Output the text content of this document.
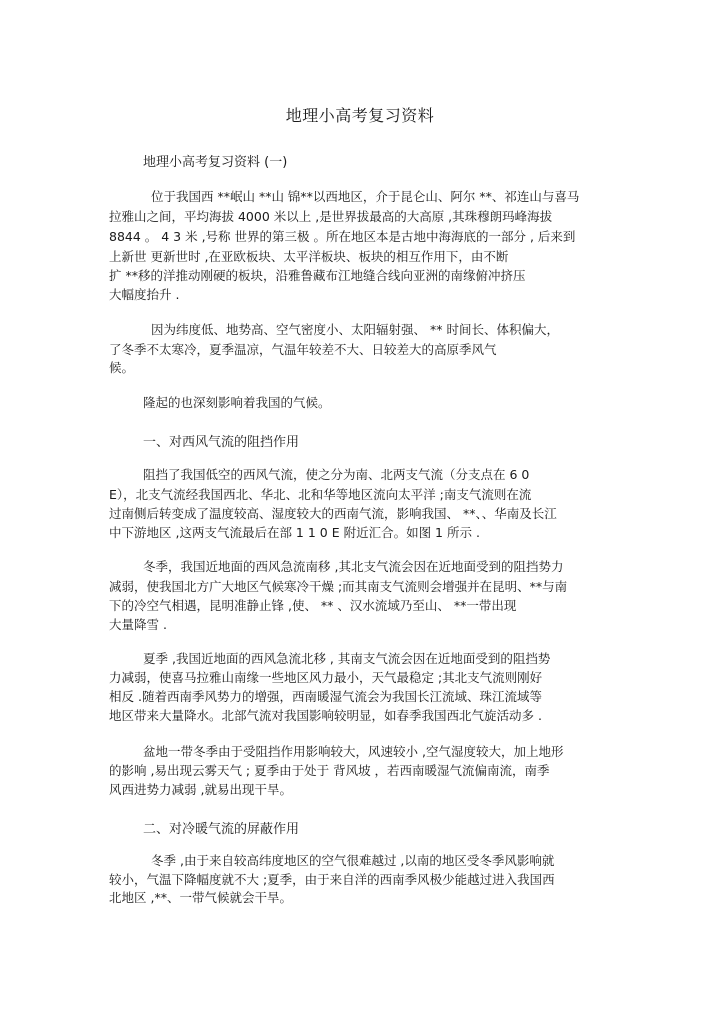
地理小高考复习资料
地理小高考复习资料 (一)
位于我国西 **岷山 **山 锦**以西地区，介于昆仑山、阿尔 **、祁连山与喜马
拉雅山之间，平均海拔 4000 米以上 ,是世界拔最高的大高原 ,其珠穆朗玛峰海拔
8844 。 4 3 米 ,号称 世界的第三极 。所在地区本是古地中海海底的一部分 , 后来到
上新世 更新世时 ,在亚欧板块、太平洋板块、板块的相互作用下，由不断
扩 **移的洋推动刚硬的板块，沿雅鲁藏布江地缝合线向亚洲的南缘俯冲挤压
大幅度抬升 .
因为纬度低、地势高、空气密度小、太阳辐射强、 ** 时间长、体积偏大，
了冬季不太寒冷，夏季温凉，气温年较差不大、日较差大的高原季风气
候。
隆起的也深刻影响着我国的气候。
一、对西风气流的阻挡作用
阻挡了我国低空的西风气流，使之分为南、北两支气流（分支点在 6 0
E），北支气流经我国西北、华北、北和华等地区流向太平洋 ;南支气流则在流
过南侧后转变成了温度较高、湿度较大的西南气流，影响我国、 **、、华南及长江
中下游地区 ,这两支气流最后在部 1 1 0 E 附近汇合。如图 1 所示 .
冬季，我国近地面的西风急流南移 ,其北支气流会因在近地面受到的阻挡势力
减弱，使我国北方广大地区气候寒冷干燥 ;而其南支气流则会增强并在昆明、**与南
下的冷空气相遇，昆明准静止锋 ,使、 ** 、汉水流域乃至山、 **一带出现
大量降雪 .
夏季 ,我国近地面的西风急流北移 , 其南支气流会因在近地面受到的阻挡势
力减弱，使喜马拉雅山南缘一些地区风力最小，天气最稳定 ;其北支气流则刚好
相反 .随着西南季风势力的增强，西南暖湿气流会为我国长江流域、珠江流域等
地区带来大量降水。北部气流对我国影响较明显，如春季我国西北气旋活动多 .
盆地一带冬季由于受阻挡作用影响较大，风速较小 ,空气湿度较大，加上地形
的影响 ,易出现云雾天气 ; 夏季由于处于 背风坡 ，若西南暖湿气流偏南流，南季
风西进势力减弱 ,就易出现干旱。
二、对冷暖气流的屏蔽作用
冬季 ,由于来自较高纬度地区的空气很难越过 ,以南的地区受冬季风影响就
较小，气温下降幅度就不大 ;夏季，由于来自洋的西南季风极少能越过进入我国西
北地区 ,**、一带气候就会干旱。
